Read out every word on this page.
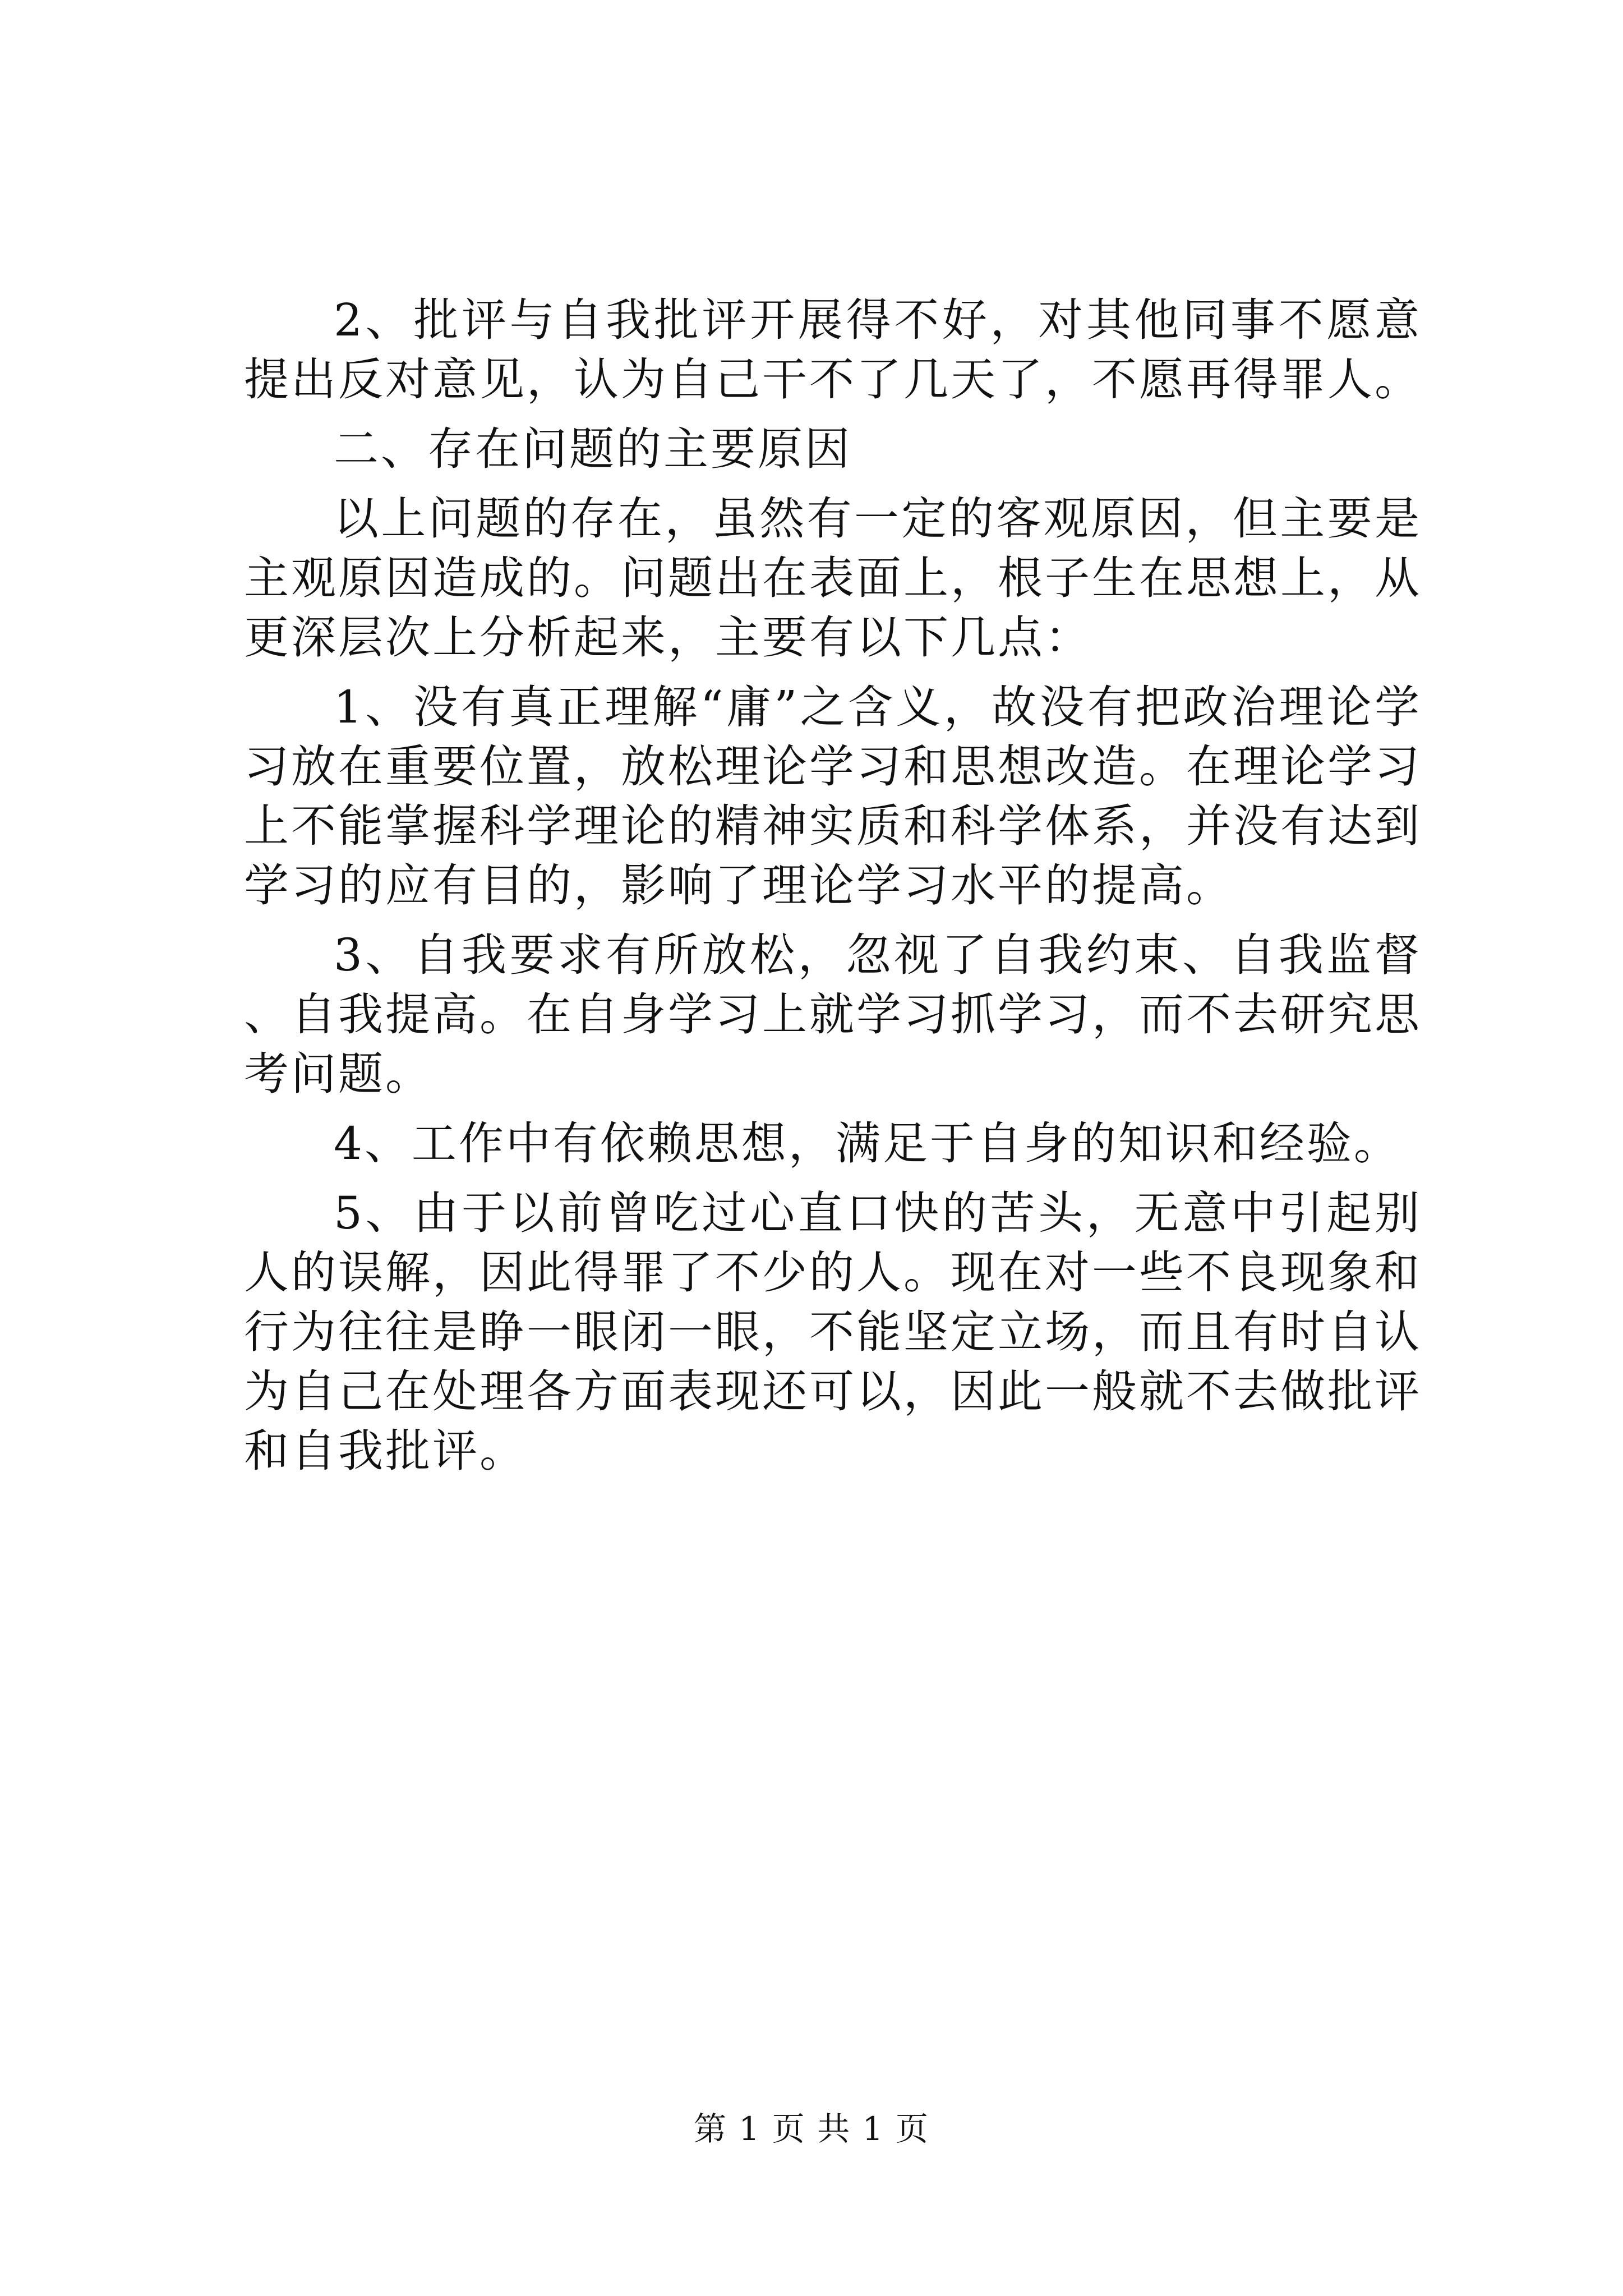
2、批评与自我批评开展得不好，对其他同事不愿意提出反对意见，认为自己干不了几天了，不愿再得罪人。

二、存在问题的主要原因

以上问题的存在，虽然有一定的客观原因，但主要是主观原因造成的。问题出在表面上，根子生在思想上，从更深层次上分析起来，主要有以下几点：

1、没有真正理解“庸”之含义，故没有把政治理论学习放在重要位置，放松理论学习和思想改造。在理论学习上不能掌握科学理论的精神实质和科学体系，并没有达到学习的应有目的，影响了理论学习水平的提高。

3、自我要求有所放松，忽视了自我约束、自我监督、自我提高。在自身学习上就学习抓学习，而不去研究思考问题。

4、工作中有依赖思想，满足于自身的知识和经验。

5、由于以前曾吃过心直口快的苦头，无意中引起别人的误解，因此得罪了不少的人。现在对一些不良现象和行为往往是睁一眼闭一眼，不能坚定立场，而且有时自认为自己在处理各方面表现还可以，因此一般就不去做批评和自我批评。

第 1 页 共 1 页
